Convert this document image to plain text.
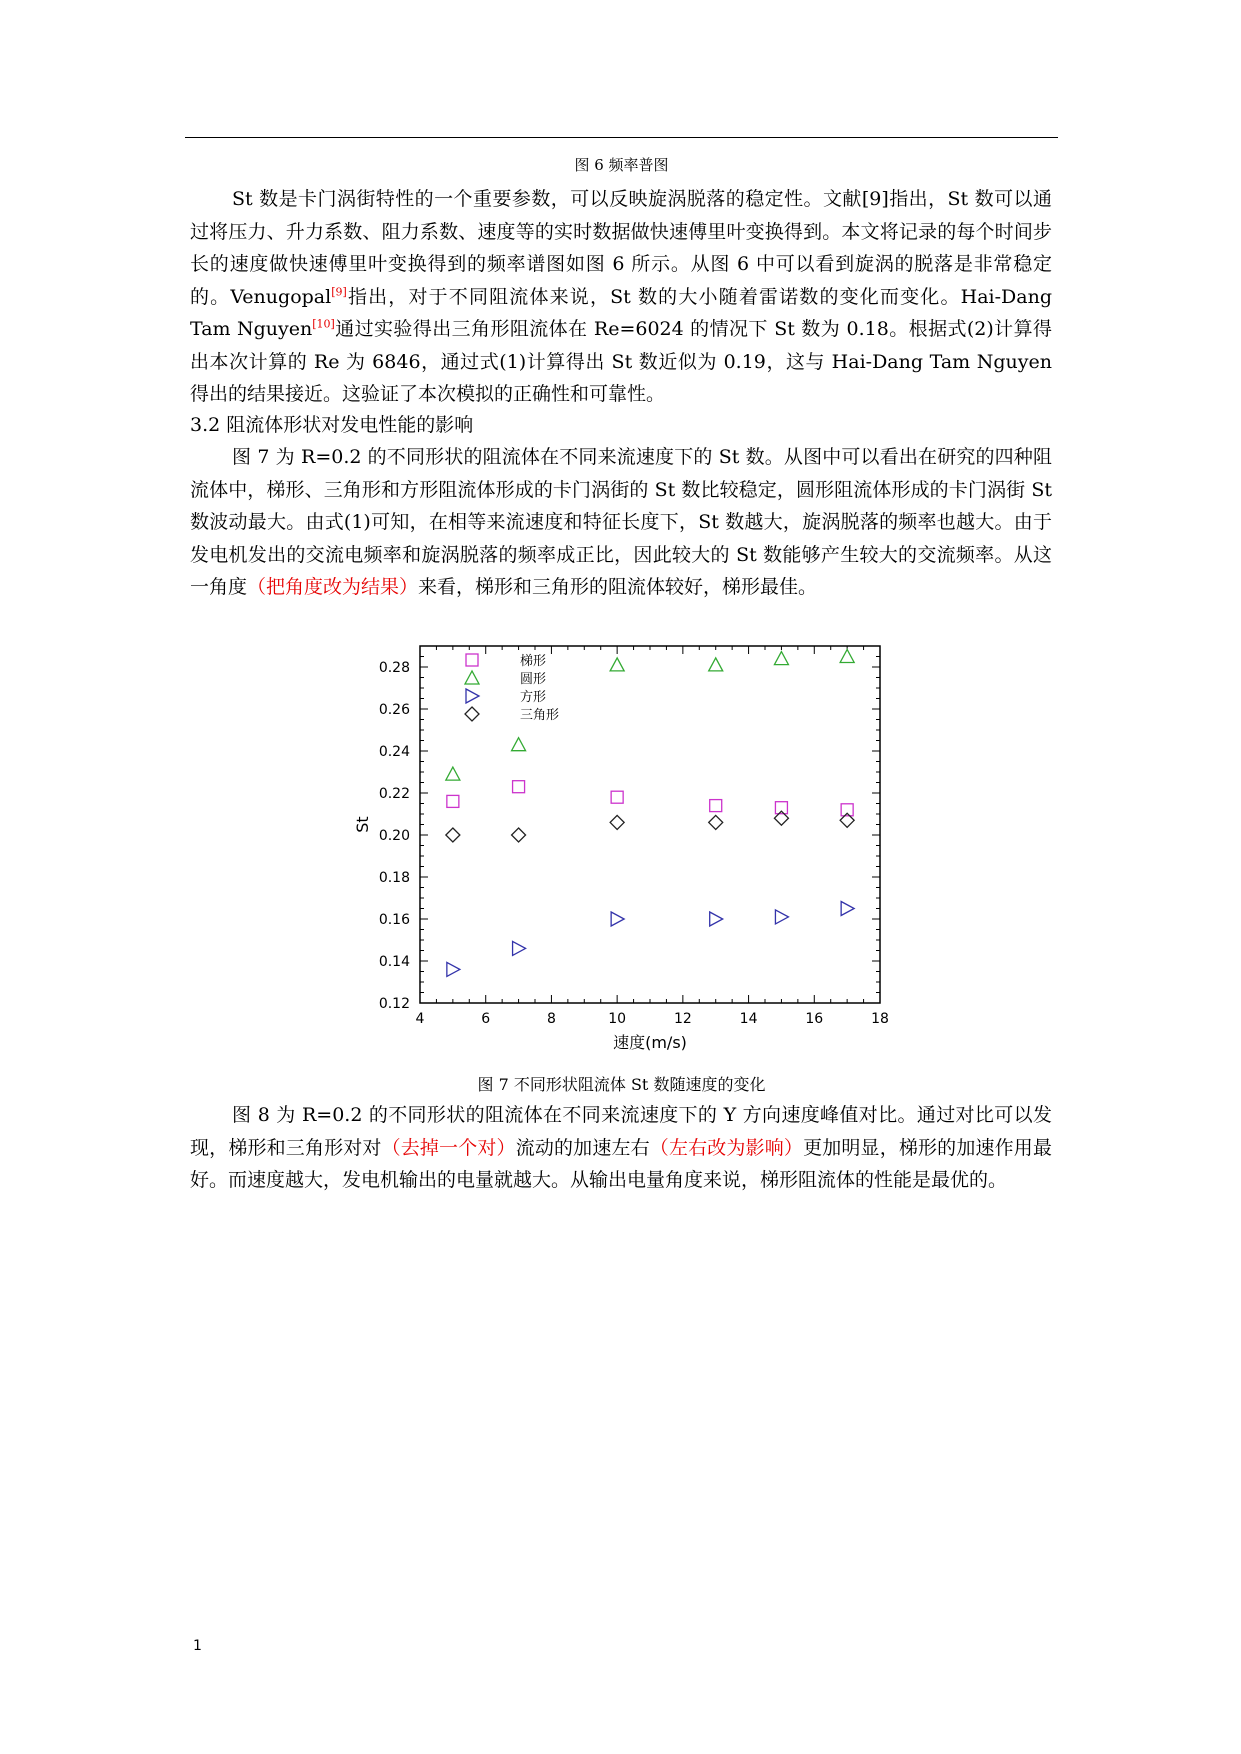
图 6 频率普图
St 数是卡门涡街特性的一个重要参数，可以反映旋涡脱落的稳定性。文献[9]指出，St 数可以通过将压力、升力系数、阻力系数、速度等的实时数据做快速傅里叶变换得到。本文将记录的每个时间步长的速度做快速傅里叶变换得到的频率谱图如图 6 所示。从图 6 中可以看到旋涡的脱落是非常稳定的。Venugopal[9]指出，对于不同阻流体来说，St 数的大小随着雷诺数的变化而变化。Hai-Dang Tam Nguyen[10]通过实验得出三角形阻流体在 Re=6024 的情况下 St 数为 0.18。根据式(2)计算得出本次计算的 Re 为 6846，通过式(1)计算得出 St 数近似为 0.19，这与 Hai-Dang Tam Nguyen 得出的结果接近。这验证了本次模拟的正确性和可靠性。
3.2 阻流体形状对发电性能的影响
图 7 为 R=0.2 的不同形状的阻流体在不同来流速度下的 St 数。从图中可以看出在研究的四种阻流体中，梯形、三角形和方形阻流体形成的卡门涡街的 St 数比较稳定，圆形阻流体形成的卡门涡街 St 数波动最大。由式(1)可知，在相等来流速度和特征长度下，St 数越大，旋涡脱落的频率也越大。由于发电机发出的交流电频率和旋涡脱落的频率成正比，因此较大的 St 数能够产生较大的交流频率。从这一角度（把角度改为结果）来看，梯形和三角形的阻流体较好，梯形最佳。
4	6	8	10	12	14	16	18
0.12
0.14
0.16
0.18
0.20
0.22
0.24
0.26
0.28
速度(m/s)
St
梯形
圆形
方形
三角形
图 7 不同形状阻流体 St 数随速度的变化
图 8 为 R=0.2 的不同形状的阻流体在不同来流速度下的 Y 方向速度峰值对比。通过对比可以发现，梯形和三角形对对（去掉一个对）流动的加速左右（左右改为影响）更加明显，梯形的加速作用最好。而速度越大，发电机输出的电量就越大。从输出电量角度来说，梯形阻流体的性能是最优的。
1
